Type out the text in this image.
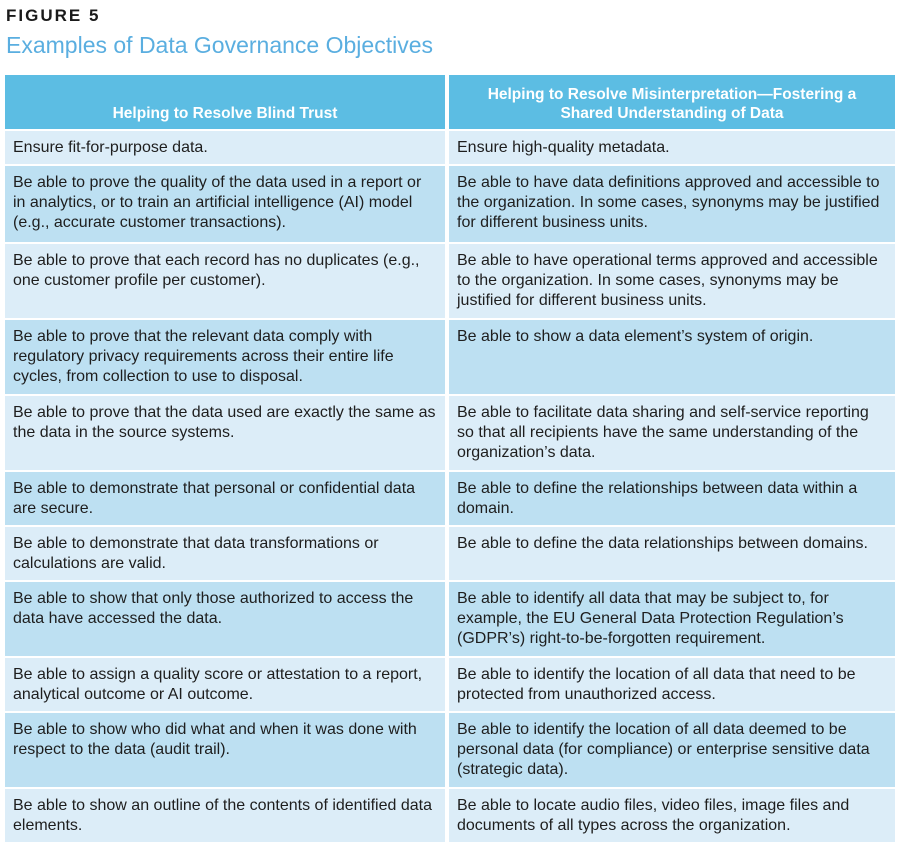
FIGURE 5
Examples of Data Governance Objectives
Helping to Resolve Blind Trust	Helping to Resolve Misinterpretation—Fostering a Shared Understanding of Data
Ensure fit-for-purpose data.	Ensure high-quality metadata.
Be able to prove the quality of the data used in a report or in analytics, or to train an artificial intelligence (AI) model (e.g., accurate customer transactions).	Be able to have data definitions approved and accessible to the organization. In some cases, synonyms may be justified for different business units.
Be able to prove that each record has no duplicates (e.g., one customer profile per customer).	Be able to have operational terms approved and accessible to the organization. In some cases, synonyms may be justified for different business units.
Be able to prove that the relevant data comply with regulatory privacy requirements across their entire life cycles, from collection to use to disposal.	Be able to show a data element’s system of origin.
Be able to prove that the data used are exactly the same as the data in the source systems.	Be able to facilitate data sharing and self-service reporting so that all recipients have the same understanding of the organization’s data.
Be able to demonstrate that personal or confidential data are secure.	Be able to define the relationships between data within a domain.
Be able to demonstrate that data transformations or calculations are valid.	Be able to define the data relationships between domains.
Be able to show that only those authorized to access the data have accessed the data.	Be able to identify all data that may be subject to, for example, the EU General Data Protection Regulation’s (GDPR’s) right-to-be-forgotten requirement.
Be able to assign a quality score or attestation to a report, analytical outcome or AI outcome.	Be able to identify the location of all data that need to be protected from unauthorized access.
Be able to show who did what and when it was done with respect to the data (audit trail).	Be able to identify the location of all data deemed to be personal data (for compliance) or enterprise sensitive data (strategic data).
Be able to show an outline of the contents of identified data elements.	Be able to locate audio files, video files, image files and documents of all types across the organization.
